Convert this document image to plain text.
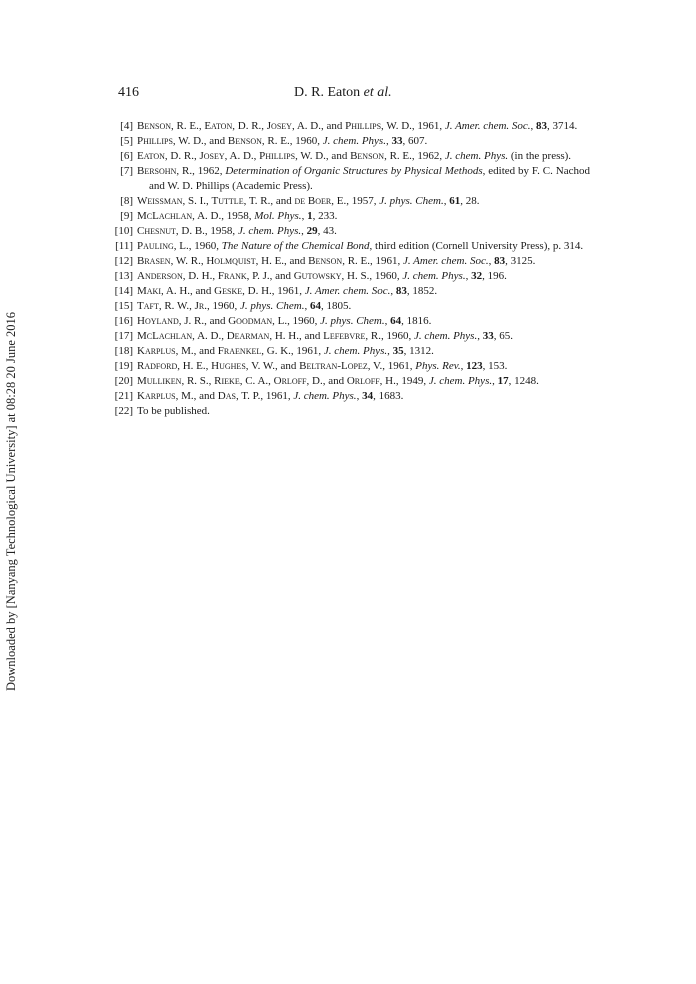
416	D. R. Eaton et al.
Downloaded by [Nanyang Technological University] at 08:28 20 June 2016
[4] Benson, R. E., Eaton, D. R., Josey, A. D., and Phillips, W. D., 1961, J. Amer. chem. Soc., 83, 3714.
[5] Phillips, W. D., and Benson, R. E., 1960, J. chem. Phys., 33, 607.
[6] Eaton, D. R., Josey, A. D., Phillips, W. D., and Benson, R. E., 1962, J. chem. Phys. (in the press).
[7] Bersohn, R., 1962, Determination of Organic Structures by Physical Methods, edited by F. C. Nachod and W. D. Phillips (Academic Press).
[8] Weissman, S. I., Tuttle, T. R., and de Boer, E., 1957, J. phys. Chem., 61, 28.
[9] McLachlan, A. D., 1958, Mol. Phys., 1, 233.
[10] Chesnut, D. B., 1958, J. chem. Phys., 29, 43.
[11] Pauling, L., 1960, The Nature of the Chemical Bond, third edition (Cornell University Press), p. 314.
[12] Brasen, W. R., Holmquist, H. E., and Benson, R. E., 1961, J. Amer. chem. Soc., 83, 3125.
[13] Anderson, D. H., Frank, P. J., and Gutowsky, H. S., 1960, J. chem. Phys., 32, 196.
[14] Maki, A. H., and Geske, D. H., 1961, J. Amer. chem. Soc., 83, 1852.
[15] Taft, R. W., Jr., 1960, J. phys. Chem., 64, 1805.
[16] Hoyland, J. R., and Goodman, L., 1960, J. phys. Chem., 64, 1816.
[17] McLachlan, A. D., Dearman, H. H., and Lefebvre, R., 1960, J. chem. Phys., 33, 65.
[18] Karplus, M., and Fraenkel, G. K., 1961, J. chem. Phys., 35, 1312.
[19] Radford, H. E., Hughes, V. W., and Beltran-Lopez, V., 1961, Phys. Rev., 123, 153.
[20] Mulliken, R. S., Rieke, C. A., Orloff, D., and Orloff, H., 1949, J. chem. Phys., 17, 1248.
[21] Karplus, M., and Das, T. P., 1961, J. chem. Phys., 34, 1683.
[22] To be published.
